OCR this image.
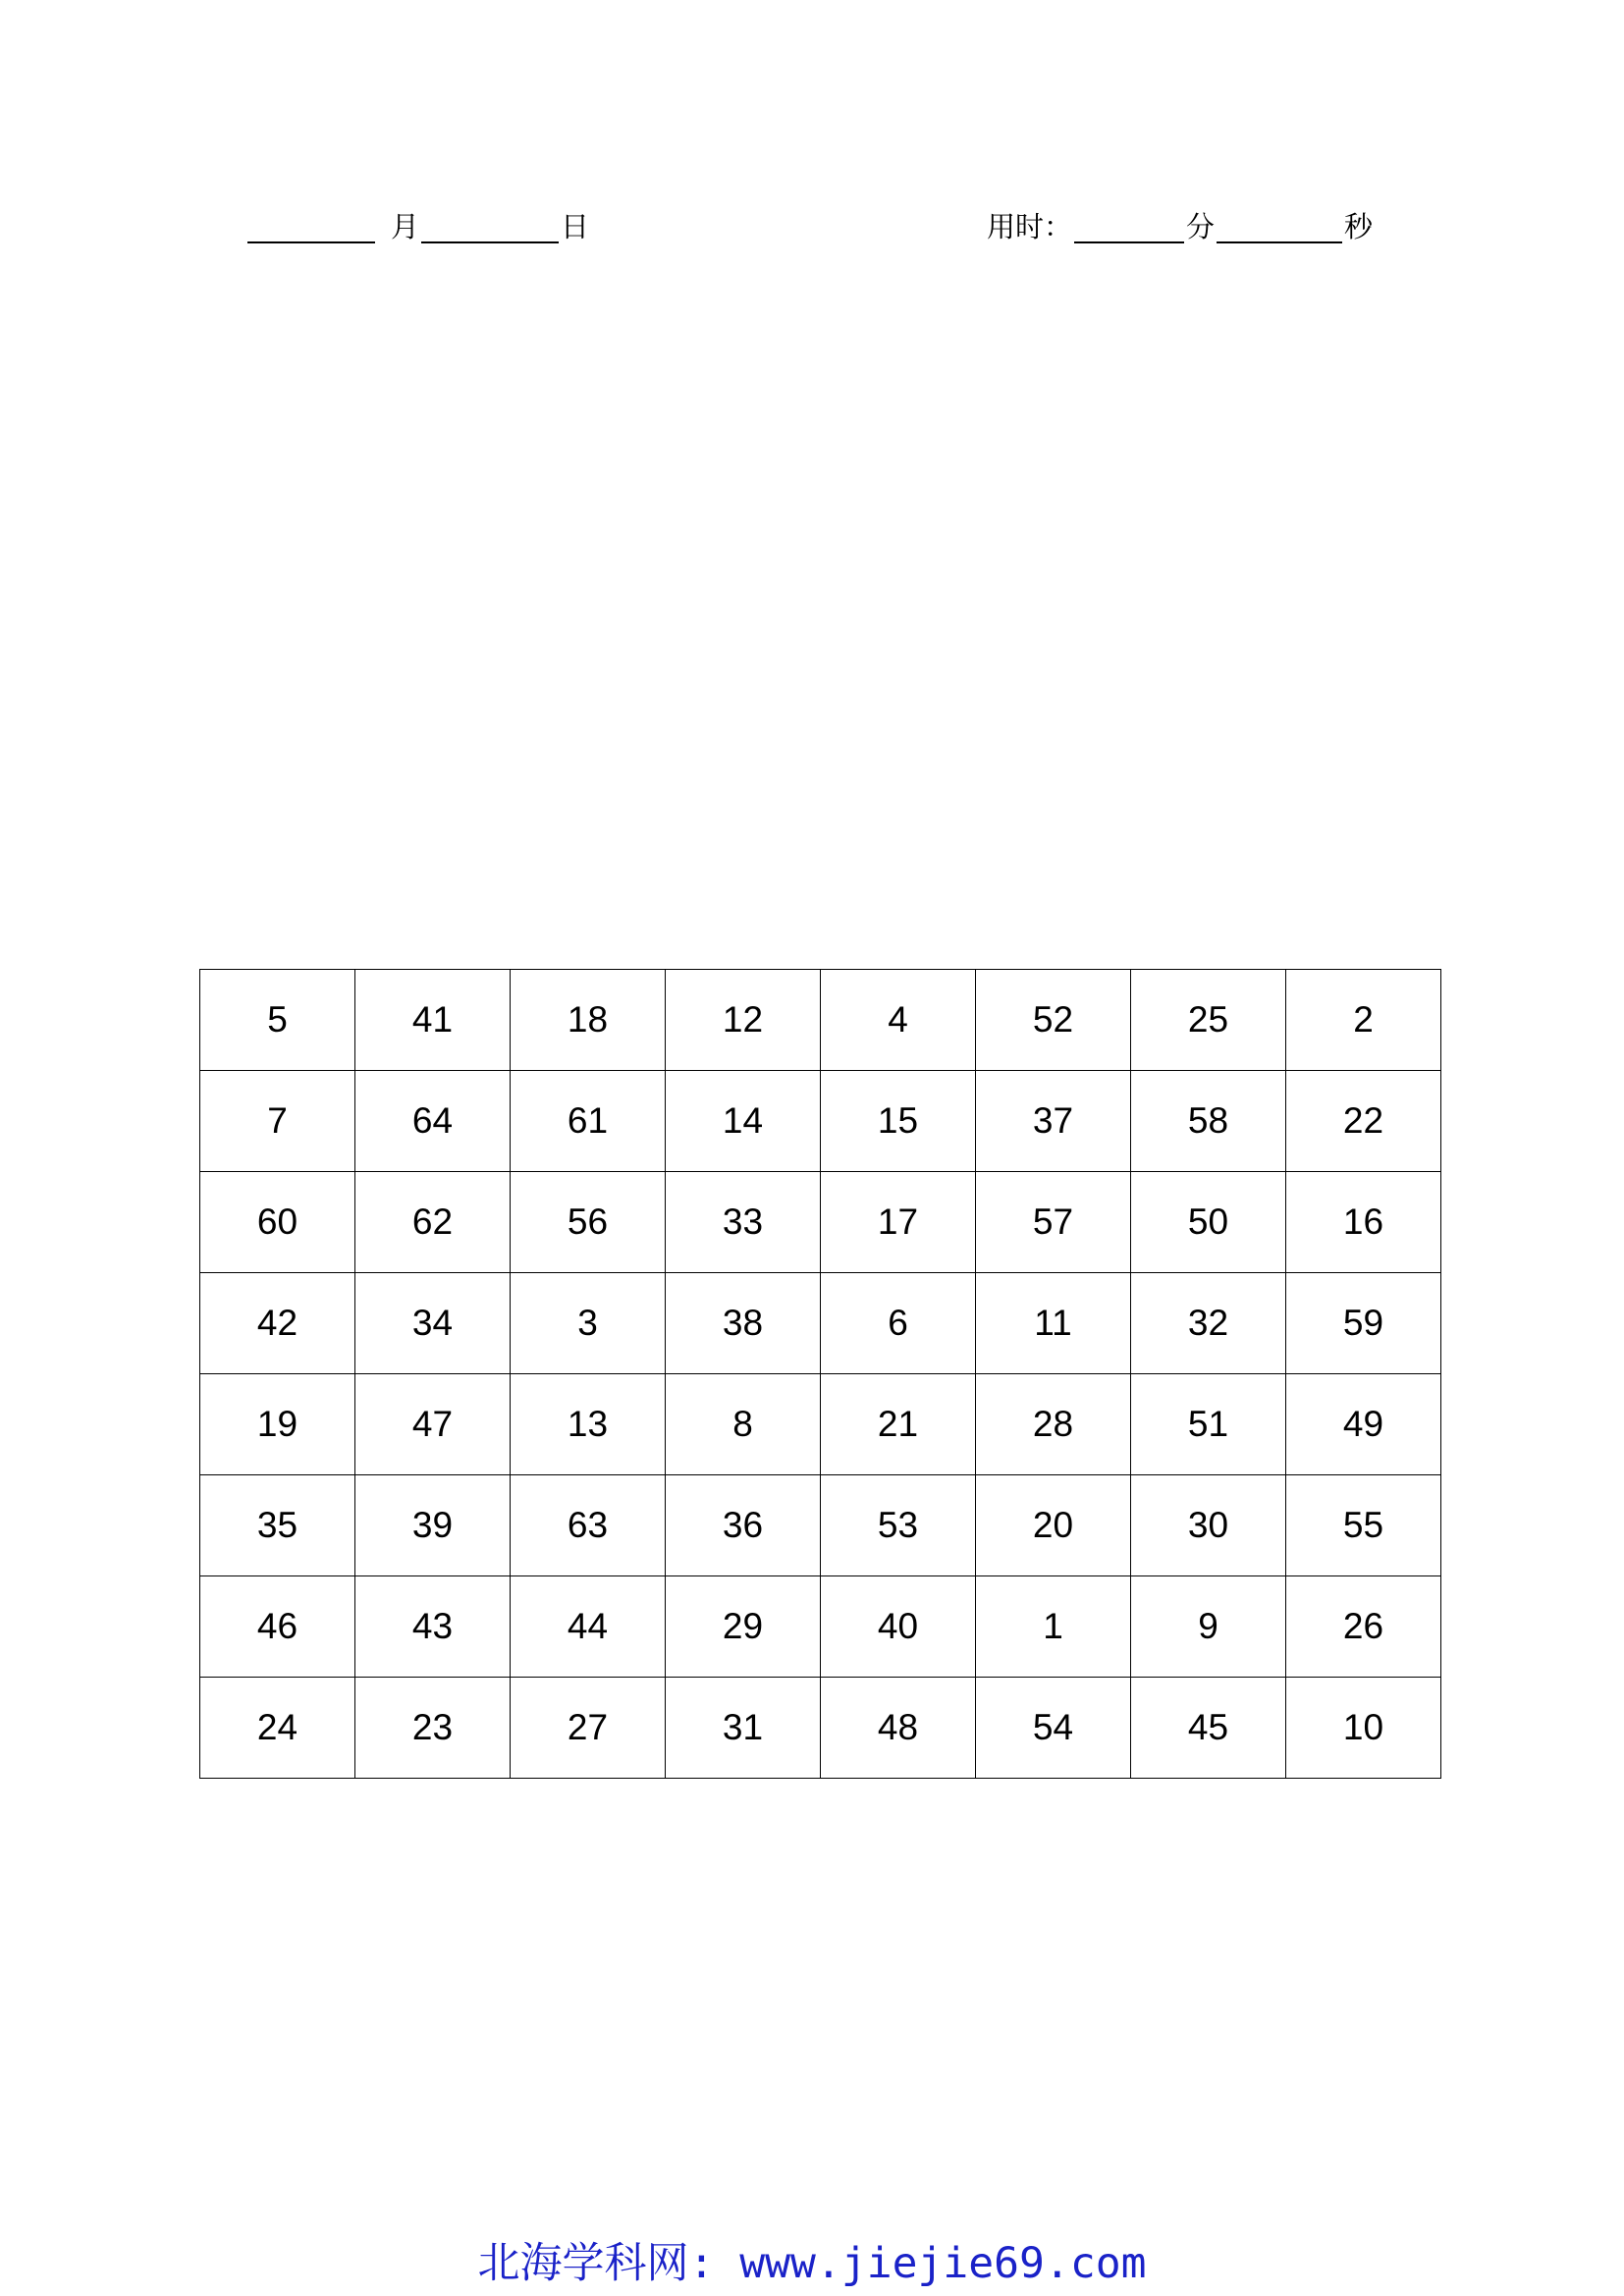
月	日	用时：	分	秒
5	41	18	12	4	52	25	2
7	64	61	14	15	37	58	22
60	62	56	33	17	57	50	16
42	34	3	38	6	11	32	59
19	47	13	8	21	28	51	49
35	39	63	36	53	20	30	55
46	43	44	29	40	1	9	26
24	23	27	31	48	54	45	10
北海学科网: www.jiejie69.com
